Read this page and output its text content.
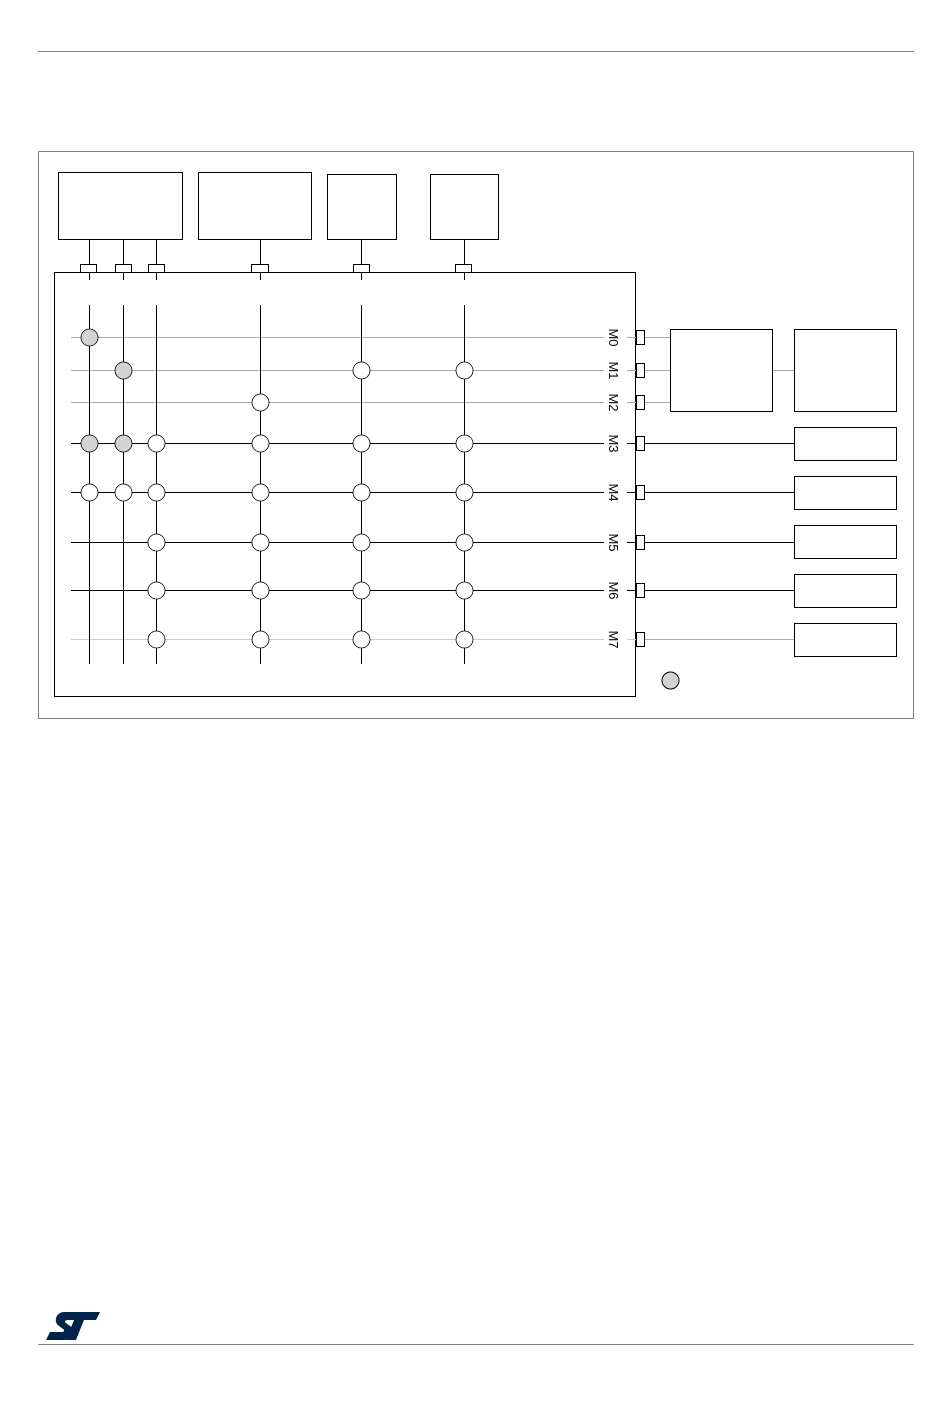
M0
M1
M2
M3
M4
M5
M6
M7
